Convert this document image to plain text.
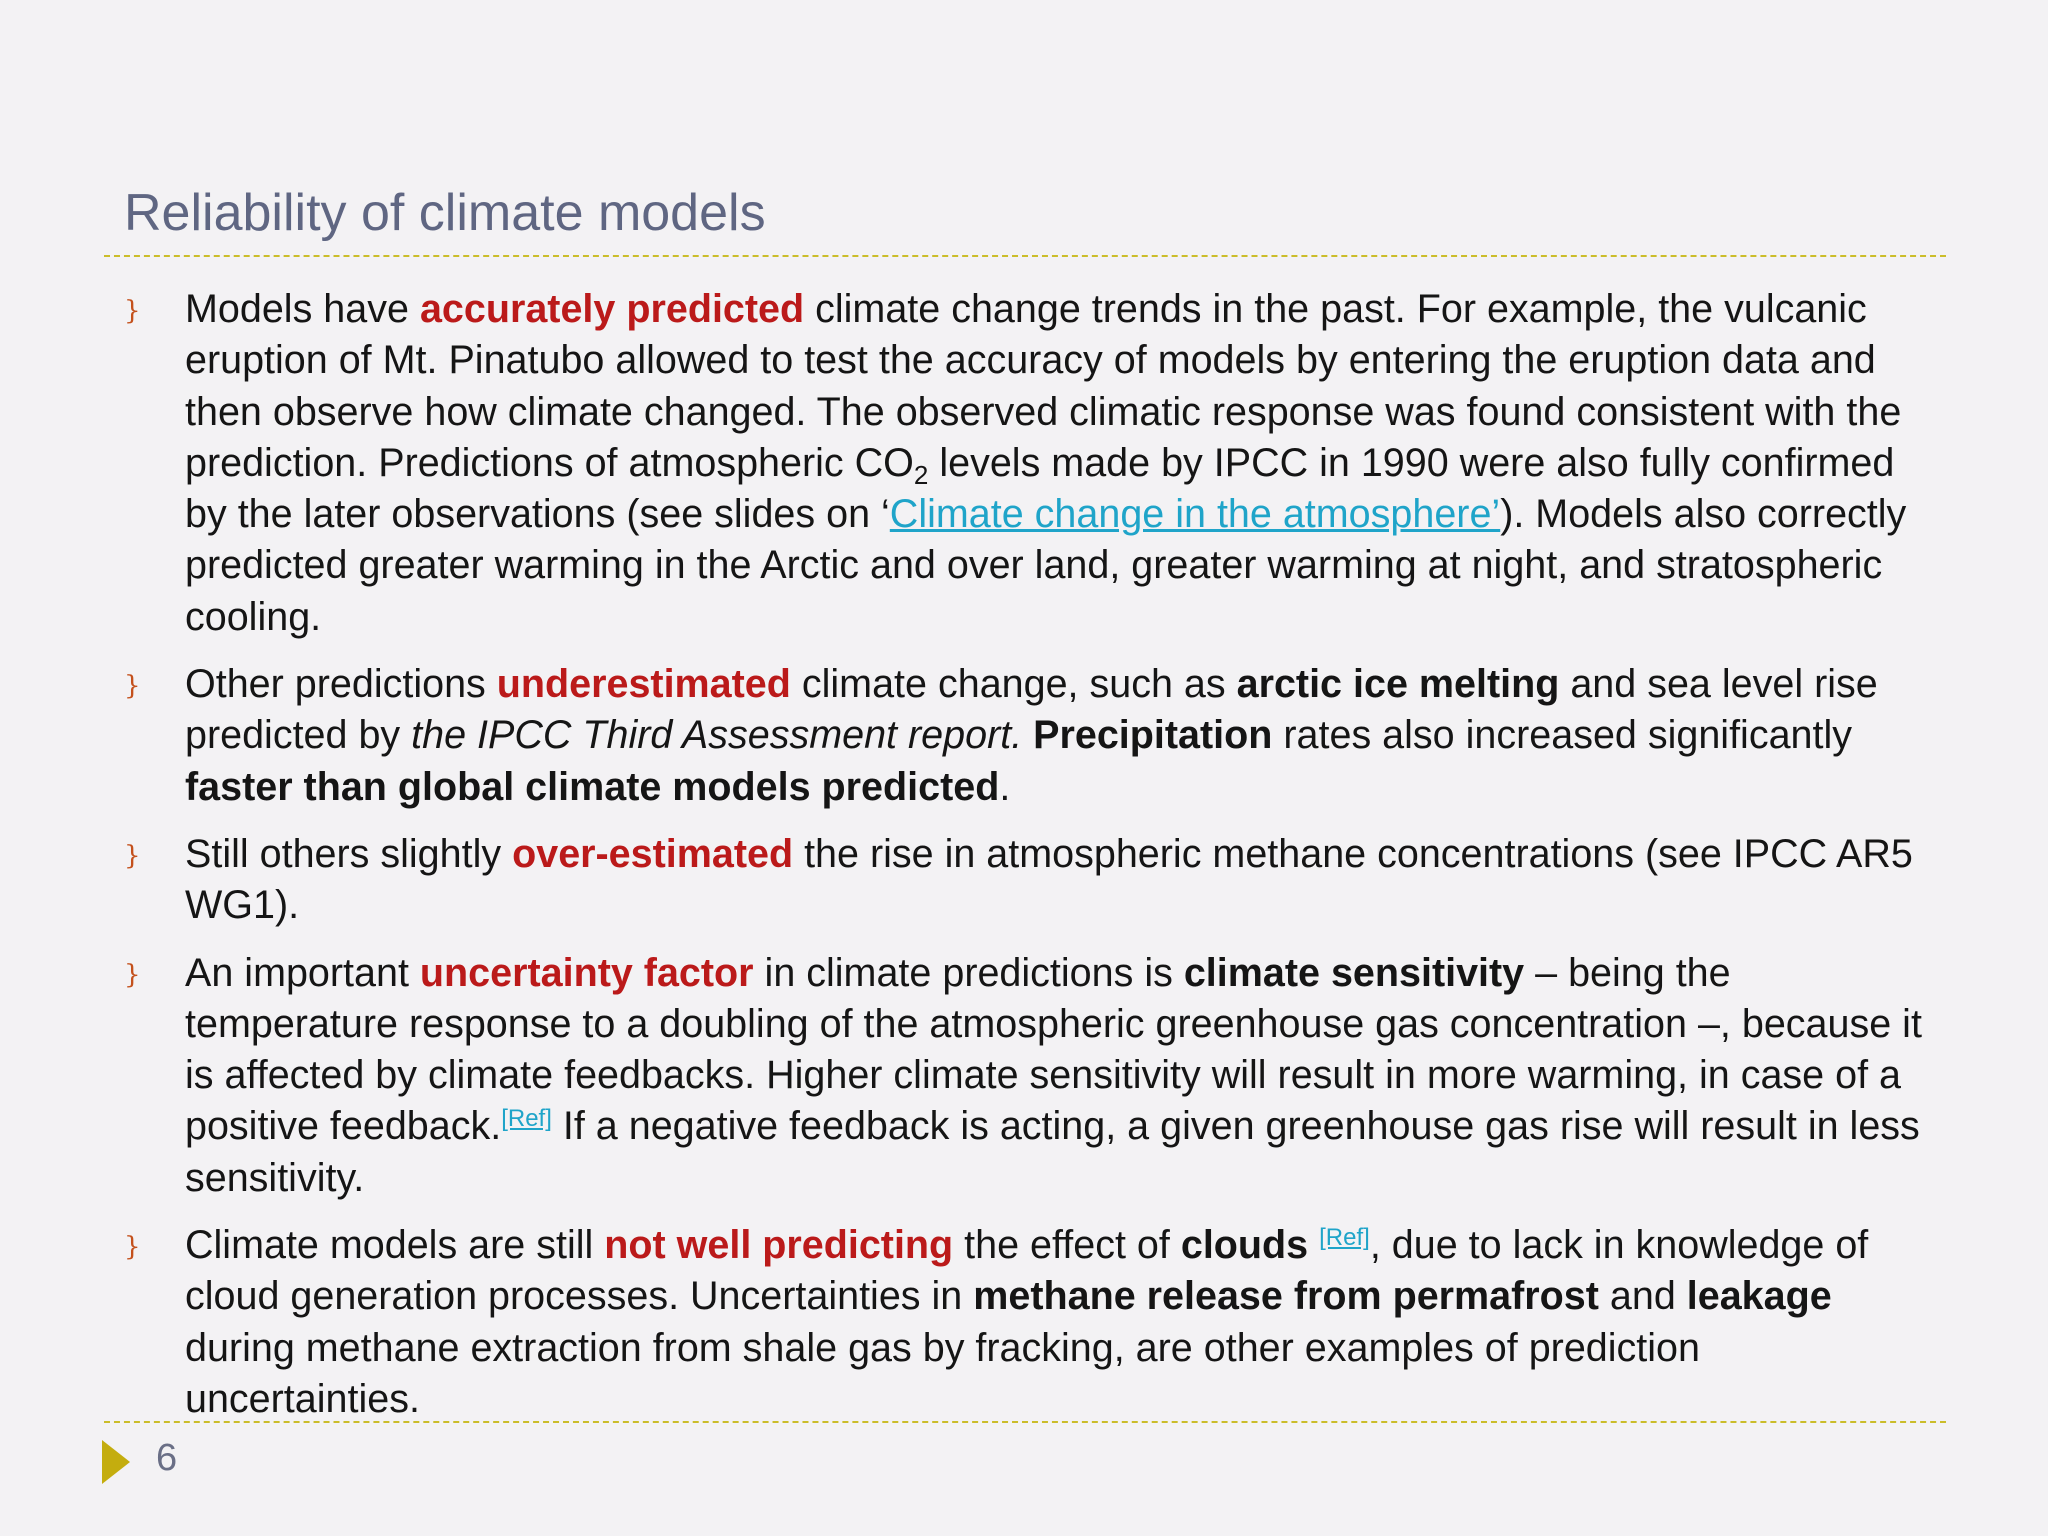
Reliability of climate models
} Models have accurately predicted climate change trends in the past. For example, the vulcanic eruption of Mt. Pinatubo allowed to test the accuracy of models by entering the eruption data and then observe how climate changed. The observed climatic response was found consistent with the prediction. Predictions of atmospheric $CO_2$ levels made by IPCC in 1990 were also fully confirmed by the later observations (see slides on ‘Climate change in the atmosphere’). Models also correctly predicted greater warming in the Arctic and over land, greater warming at night, and stratospheric cooling.
} Other predictions underestimated climate change, such as arctic ice melting and sea level rise predicted by the IPCC Third Assessment report. Precipitation rates also increased significantly faster than global climate models predicted.
} Still others slightly over-estimated the rise in atmospheric methane concentrations (see IPCC AR5 WG1).
} An important uncertainty factor in climate predictions is climate sensitivity – being the temperature response to a doubling of the atmospheric greenhouse gas concentration –, because it is affected by climate feedbacks. Higher climate sensitivity will result in more warming, in case of a positive feedback.[Ref] If a negative feedback is acting, a given greenhouse gas rise will result in less sensitivity.
} Climate models are still not well predicting the effect of clouds [Ref], due to lack in knowledge of cloud generation processes. Uncertainties in methane release from permafrost and leakage during methane extraction from shale gas by fracking, are other examples of prediction uncertainties.
6
